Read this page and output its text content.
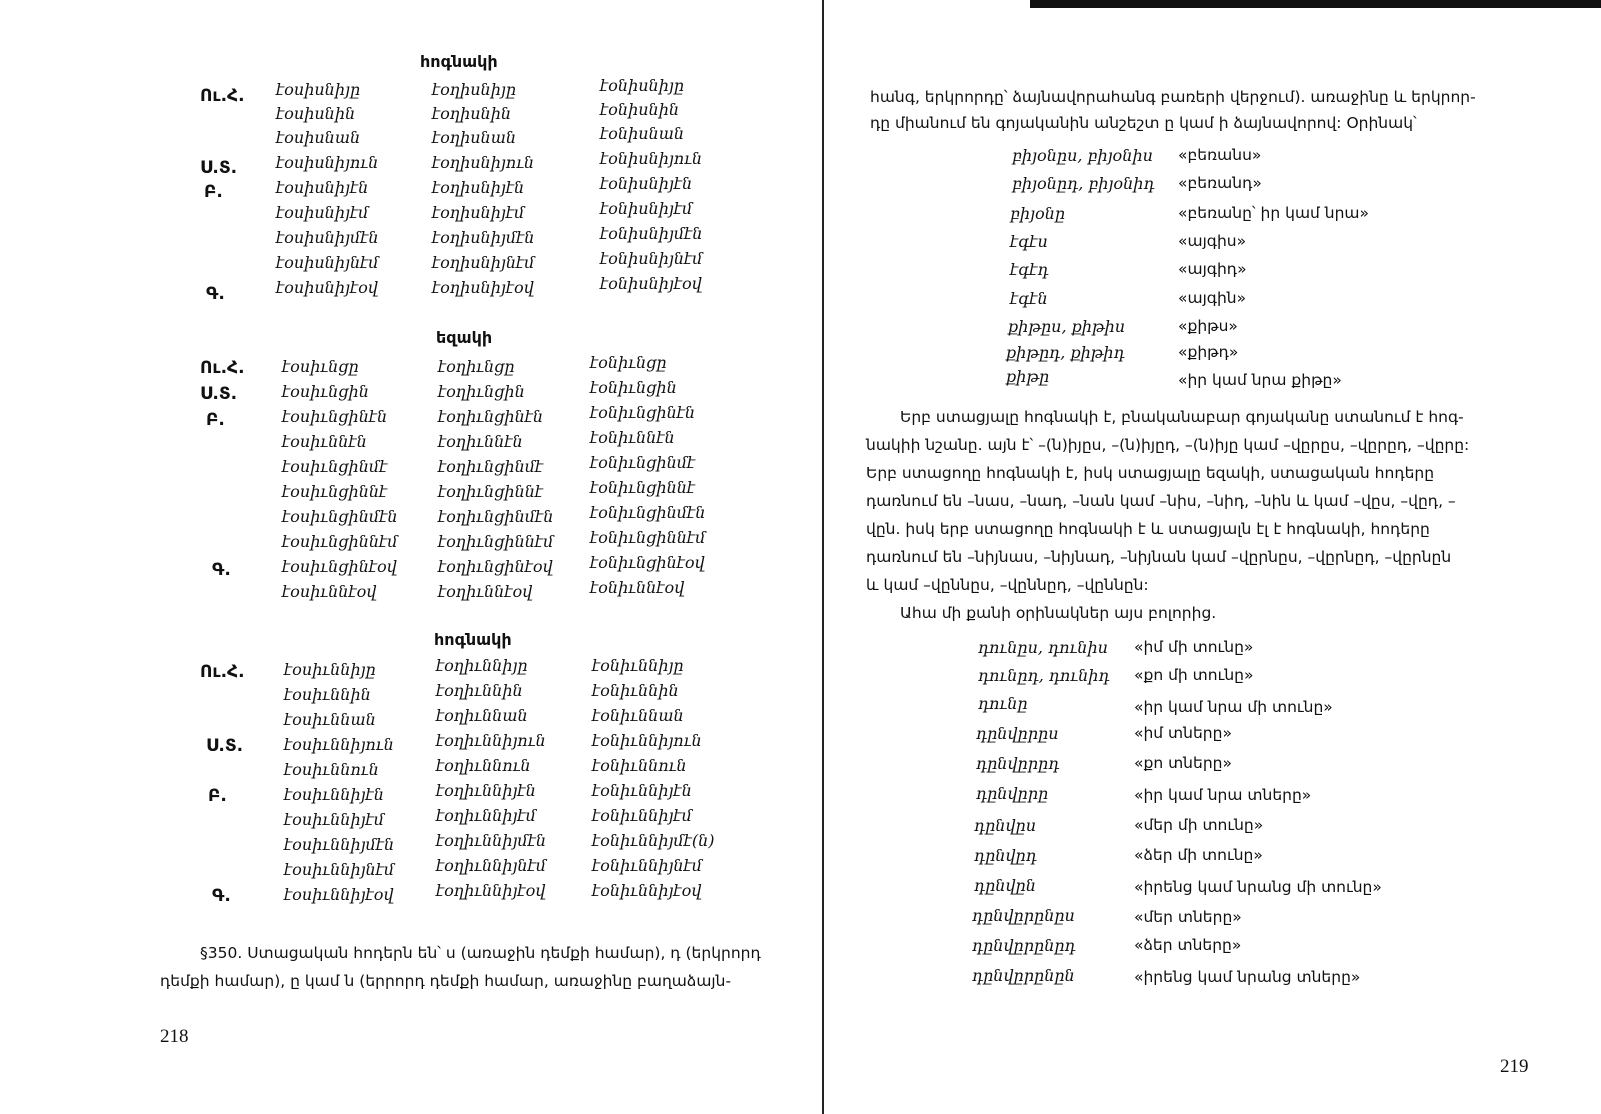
հոգնակի
Ու.Հ.
Ս.Տ.
Բ.
Գ.
էօսիսնիյը	էօղիսնիյը	էօնիսնիյը
էօսիսնին	էօղիսնին	էօնիսնին
էօսիսնան	էօղիսնան	էօնիսնան
էօսիսնիյուն	էօղիսնիյուն	էօնիսնիյուն
էօսիսնիյէն	էօղիսնիյէն	էօնիսնիյէն
էօսիսնիյէմ	էօղիսնիյէմ	էօնիսնիյէմ
էօսիսնիյմէն	էօղիսնիյմէն	էօնիսնիյմէն
էօսիսնիյնէմ	էօղիսնիյնէմ	էօնիսնիյնէմ
էօսիսնիյէօվ	էօղիսնիյէօվ	էօնիսնիյէօվ
եզակի
Ու.Հ.
Ս.Տ.
Բ.
Գ.
էօսիւնցը	էօղիւնցը	էօնիւնցը
էօսիւնցին	էօղիւնցին	էօնիւնցին
էօսիւնցինէն	էօղիւնցինէն	էօնիւնցինէն
էօսիւննէն	էօղիւննէն	էօնիւննէն
էօսիւնցինմէ	էօղիւնցինմէ	էօնիւնցինմէ
էօսիւնցիննէ	էօղիւնցիննէ	էօնիւնցիննէ
էօսիւնցինմէն	էօղիւնցինմէն էօնիւնցինմէն
էօսիւնցիննէմ	էօղիւնցիննէմ էօնիւնցիննէմ
էօսիւնցինէօվ	էօղիւնցինէօվ էօնիւնցինէօվ
էօսիւննէօվ	էօղիւննէօվ	էօնիւննէօվ
հոգնակի
Ու.Հ.
Ս.Տ.
Բ.
Գ.
էօսիւննիյը	էօղիւննիյը	էօնիւննիյը
էօսիւննին	էօղիւննին	էօնիւննին
էօսիւննան	էօղիւննան	էօնիւննան
էօսիւննիյուն	էօղիւննիյուն	էօնիւննիյուն
էօսիւննուն	էօղիւննուն	էօնիւննուն
էօսիւննիյէն	էօղիւննիյէն	էօնիւննիյէն
էօսիւննիյէմ	էօղիւննիյէմ	էօնիւննիյէմ
էօսիւննիյմէն	էօղիւննիյմէն	էօնիւննիյմէ(ն)
էօսիւննիյնէմ	էօղիւննիյնէմ	էօնիւննիյնէմ
էօսիւննիյէօվ	էօղիւննիյէօվ	էօնիւննիյէօվ
§350. Ստացական հոդերն են՝ ս (առաջին դեմքի համար), դ (երկրորդ
դեմքի համար), ը կամ ն (երրորդ դեմքի համար, առաջինը բաղաձայն-
218
հանգ, երկրորդը՝ ձայնավորահանգ բառերի վերջում). առաջինը և երկրոր-
դը միանում են գոյականին անշեշտ ը կամ ի ձայնավորով: Օրինակ՝
բիյօնըս, բիյօնիս «բեռանս»
բիյօնըդ, բիյօնիդ «բեռանդ»
բիյօնը	«բեռանը՝ իր կամ նրա»
էգէս	«այգիս»
էգէդ	«այգիդ»
էգէն	«այգին»
քիթըս, քիթիս	«քիթս»
քիթըդ, քիթիդ	«քիթդ»
քիթը	«իր կամ նրա քիթը»
Երբ ստացյալը հոգնակի է, բնականաբար գոյականը ստանում է հոգ-
նակիի նշանը. այն է՝ –(ն)իյըս, –(ն)իյըդ, –(ն)իյը կամ –վըրըս, –վըրըդ, –վըրը:
Երբ ստացողը հոգնակի է, իսկ ստացյալը եզակի, ստացական հոդերը
դառնում են –նաս, –նադ, –նան կամ –նիս, –նիդ, –նին և կամ –վըս, –վըդ, –
վըն. իսկ երբ ստացողը հոգնակի է և ստացյալն էլ է հոգնակի, հոդերը
դառնում են –նիյնաս, –նիյնադ, –նիյնան կամ –վըրնըս, –վըրնըդ, –վըրնըն
և կամ –վըննըս, –վըննըդ, –վըննըն:
Ահա մի քանի օրինակներ այս բոլորից.
դունըս, դունիս «իմ մի տունը»
դունըդ, դունիդ «քո մի տունը»
դունը	«իր կամ նրա մի տունը»
դընվըրըս	«իմ տները»
դընվըրըդ	«քո տները»
դընվըրը	«իր կամ նրա տները»
դընվըս	«մեր մի տունը»
դընվըդ	«ձեր մի տունը»
դընվըն	«իրենց կամ նրանց մի տունը»
դընվըրընըս	«մեր տները»
դընվըրընըդ	«ձեր տները»
դընվըրընըն	«իրենց կամ նրանց տները»
219
